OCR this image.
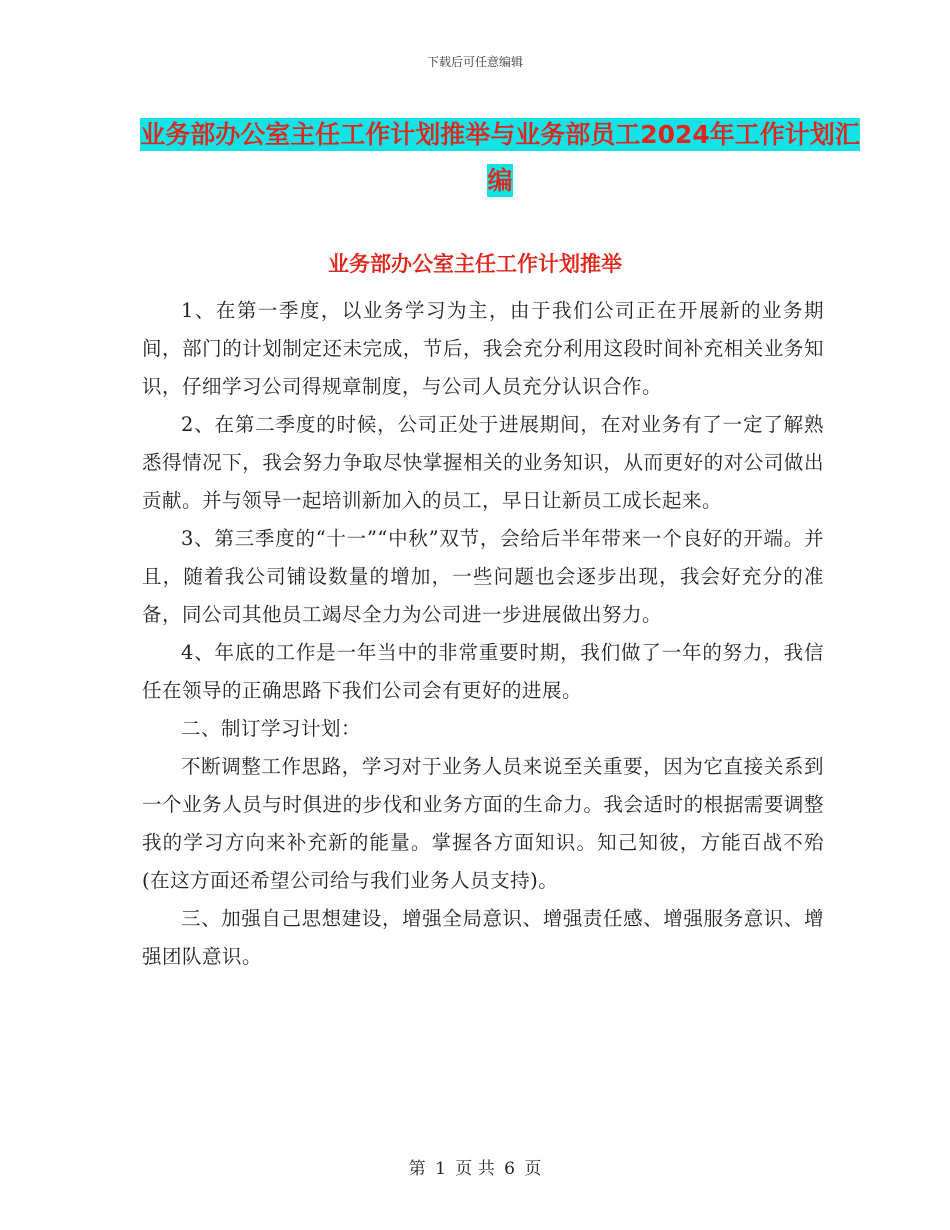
下载后可任意编辑
业务部办公室主任工作计划推举与业务部员工2024年工作计划汇编
业务部办公室主任工作计划推举

1、在第一季度，以业务学习为主，由于我们公司正在开展新的业务期间，部门的计划制定还未完成，节后，我会充分利用这段时间补充相关业务知识，仔细学习公司得规章制度，与公司人员充分认识合作。

2、在第二季度的时候，公司正处于进展期间，在对业务有了一定了解熟悉得情况下，我会努力争取尽快掌握相关的业务知识，从而更好的对公司做出贡献。并与领导一起培训新加入的员工，早日让新员工成长起来。

3、第三季度的“十一”“中秋”双节，会给后半年带来一个良好的开端。并且，随着我公司铺设数量的增加，一些问题也会逐步出现，我会好充分的准备，同公司其他员工竭尽全力为公司进一步进展做出努力。

4、年底的工作是一年当中的非常重要时期，我们做了一年的努力，我信任在领导的正确思路下我们公司会有更好的进展。

二、制订学习计划：

不断调整工作思路，学习对于业务人员来说至关重要，因为它直接关系到一个业务人员与时俱进的步伐和业务方面的生命力。我会适时的根据需要调整我的学习方向来补充新的能量。掌握各方面知识。知己知彼，方能百战不殆(在这方面还希望公司给与我们业务人员支持)。

三、加强自己思想建设，增强全局意识、增强责任感、增强服务意识、增强团队意识。

第 1 页 共 6 页
